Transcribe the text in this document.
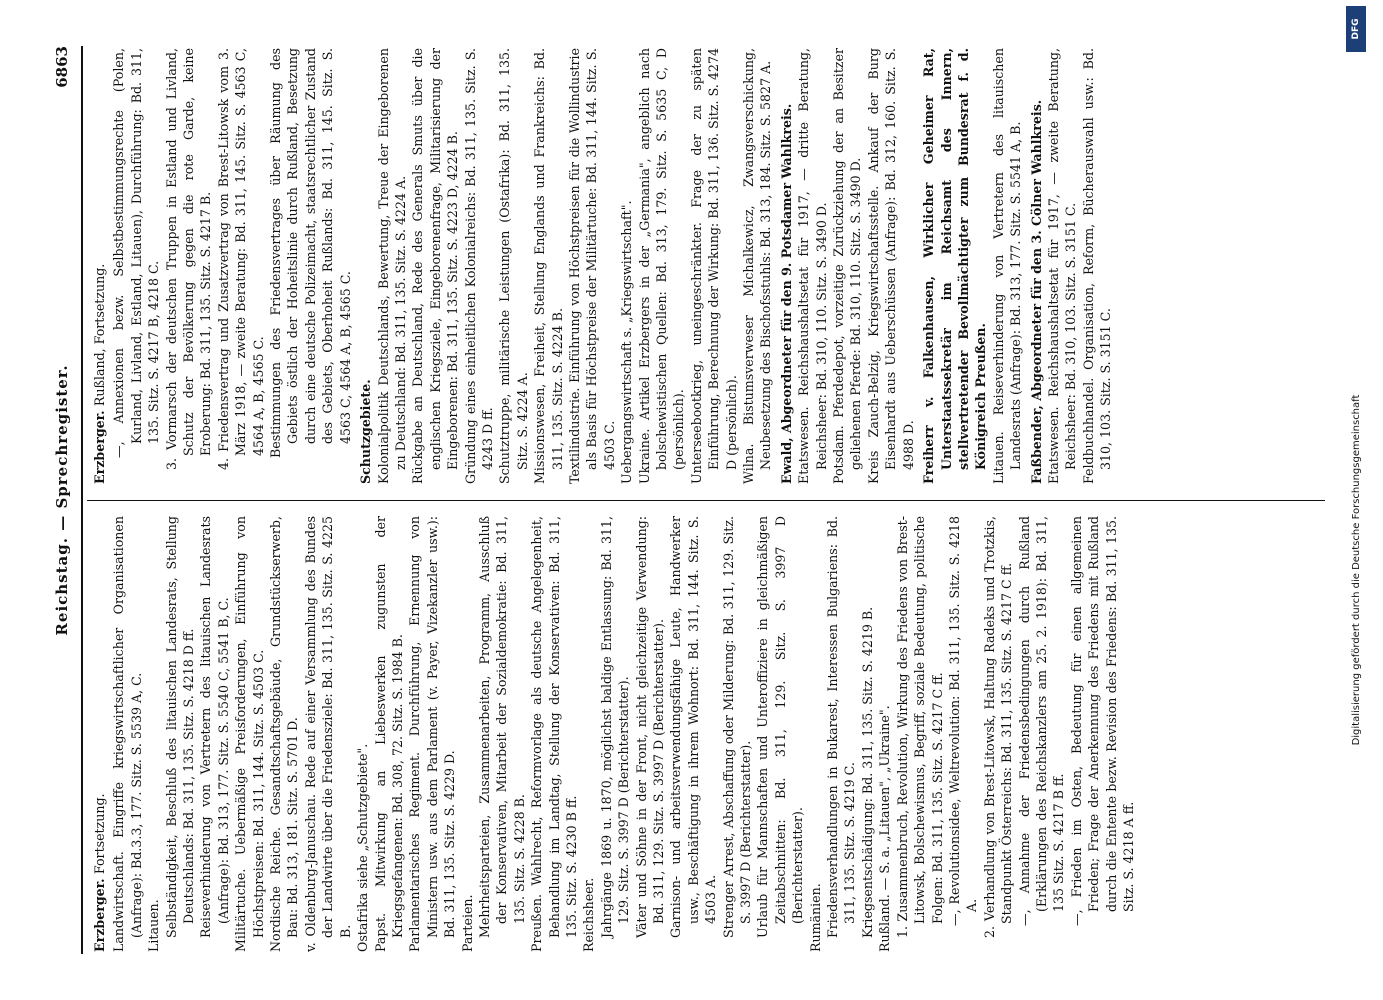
Reichstag. — Sprechregister.
6863
Erzberger. Fortsetzung. Landwirtschaft. Eingriffe kriegswirtschaftlicher Organisationen (Anfrage): Bd.3.3, 177. Sitz. S. 5539 A, C. Litauen. Selbständigkeit, Beschluß des litauischen Landesrats, Stellung Deutschlands: Bd. 311, 135. Sitz. S. 4218 D ff. Reiseverhinderung von Vertretern des litauischen Landesrats (Anfrage): Bd. 313, 177. Sitz. S. 5540 C, 5541 B, C. Militärtuche. Uebermäßige Preisforderungen, Einführung von Höchstpreisen: Bd. 311, 144. Sitz. S. 4503 C. Nordische Reiche. Gesandtschaftsgebäude, Grundstückserwerb, Bau: Bd. 313, 181. Sitz. S. 5701 D. v. Oldenburg-Januschau. Rede auf einer Versammlung des Bundes der Landwirte über die Friedensziele: Bd. 311, 135. Sitz. S. 4225 B. Ostafrika siehe „Schutzgebiete". Papst. Mitwirkung an Liebeswerken zugunsten der Kriegsgefangenen: Bd. 308, 72. Sitz. S. 1984 B. Parlamentarisches Regiment. Durchführung, Ernennung von Ministern usw. aus dem Parlament (v. Payer, Vizekanzler usw.): Bd. 311, 135. Sitz. S. 4229 D. Parteien. Mehrheitsparteien, Zusammenarbeiten, Programm, Ausschluß der Konservativen, Mitarbeit der Sozialdemokratie: Bd. 311, 135. Sitz. S. 4228 B. Preußen. Wahlrecht, Reformvorlage als deutsche Angelegenheit, Behandlung im Landtag, Stellung der Konservativen: Bd. 311, 135. Sitz. S. 4230 B ff. Reichsheer. Jahrgänge 1869 u. 1870, möglichst baldige Entlassung: Bd. 311, 129. Sitz. S. 3997 D (Berichterstatter). Väter und Söhne in der Front, nicht gleichzeitige Verwendung: Bd. 311, 129. Sitz. S. 3997 D (Berichterstatter). Garnison- und arbeitsverwendungsfähige Leute, Handwerker usw., Beschäftigung in ihrem Wohnort: Bd. 311, 144. Sitz. S. 4503 A. Strenger Arrest, Abschaffung oder Milderung: Bd. 311, 129. Sitz. S. 3997 D (Berichterstatter). Urlaub für Mannschaften und Unteroffiziere in gleichmäßigen Zeitabschnitten: Bd. 311, 129. Sitz. S. 3997 D (Berichterstatter). Rumänien. Friedensverhandlungen in Bukarest, Interessen Bulgariens: Bd. 311, 135. Sitz. S. 4219 C. Kriegsentschädigung: Bd. 311, 135. Sitz. S. 4219 B. Rußland. — S. a. „Litauen", „Ukraine". 1. Zusammenbruch, Revolution, Wirkung des Friedens von Brest-Litowsk, Bolschewismus, Begriff, soziale Bedeutung, politische Folgen: Bd. 311, 135. Sitz. S. 4217 C ff. —, Revolutionsidee, Weltrevolution: Bd. 311, 135. Sitz. S. 4218 A. 2. Verhandlung von Brest-Litowsk, Haltung Radeks und Trotzkis, Standpunkt Österreichs: Bd. 311, 135. Sitz. S. 4217 C ff. —, Annahme der Friedensbedingungen durch Rußland (Erklärungen des Reichskanzlers am 25. 2. 1918): Bd. 311, 135 Sitz. S. 4217 B ff. —, Frieden im Osten, Bedeutung für einen allgemeinen Frieden; Frage der Anerkennung des Friedens mit Rußland durch die Entente bezw. Revision des Friedens: Bd. 311, 135. Sitz. S. 4218 A ff.

Erzberger. Rußland, Fortsetzung. —, Annexionen bezw. Selbstbestimmungsrechte (Polen, Kurland, Livland, Estland, Litauen), Durchführung: Bd. 311, 135. Sitz. S. 4217 B, 4218 C. 3. Vormarsch der deutschen Truppen in Estland und Livland, Schutz der Bevölkerung gegen die rote Garde, keine Eroberung: Bd. 311, 135. Sitz. S. 4217 B. 4. Friedensvertrag und Zusatzvertrag von Brest-Litowsk vom 3. März 1918, — zweite Beratung: Bd. 311, 145. Sitz. S. 4563 C, 4564 A, B, 4565 C. Bestimmungen des Friedensvertrages über Räumung des Gebiets östlich der Hoheitslinie durch Rußland, Besetzung durch eine deutsche Polizeimacht, staatsrechtlicher Zustand des Gebiets, Oberhoheit Rußlands: Bd. 311, 145. Sitz. S. 4563 C, 4564 A, B, 4565 C. Schutzgebiete. Kolonialpolitik Deutschlands, Bewertung, Treue der Eingeborenen zu Deutschland: Bd. 311, 135. Sitz. S. 4224 A. Rückgabe an Deutschland, Rede des Generals Smuts über die englischen Kriegsziele, Eingeborenenfrage, Militarisierung der Eingeborenen: Bd. 311, 135. Sitz. S. 4223 D, 4224 B. Gründung eines einheitlichen Kolonialreichs: Bd. 311, 135. Sitz. S. 4243 D ff. Schutztruppe, militärische Leistungen (Ostafrika): Bd. 311, 135. Sitz. S. 4224 A. Missionswesen, Freiheit, Stellung Englands und Frankreichs: Bd. 311, 135. Sitz. S. 4224 B. Textilindustrie. Einführung von Höchstpreisen für die Wollindustrie als Basis für Höchstpreise der Militärtuche: Bd. 311, 144. Sitz. S. 4503 C. Uebergangswirtschaft s. „Kriegswirtschaft". Ukraine. Artikel Erzbergers in der „Germania", angeblich nach bolschewistischen Quellen: Bd. 313, 179. Sitz. S. 5635 C, D (persönlich). Unterseebootkrieg, uneingeschränkter. Frage der zu späten Einführung, Berechnung der Wirkung: Bd. 311, 136. Sitz. S. 4274 D (persönlich). Wilna. Bistumsverweser Michalkewicz, Zwangsverschickung, Neubesetzung des Bischofsstuhls: Bd. 313, 184. Sitz. S. 5827 A. Ewald, Abgeordneter für den 9. Potsdamer Wahlkreis. Etatswesen. Reichshaushaltsetat für 1917, — dritte Beratung, Reichsheer: Bd. 310, 110. Sitz. S. 3490 D. Potsdam. Pferdedepot, vorzeitige Zurückziehung der an Besitzer geliehenen Pferde: Bd. 310, 110. Sitz. S. 3490 D. Kreis Zauch-Belzig, Kriegswirtschaftsstelle. Ankauf der Burg Eisenhardt aus Ueberschüssen (Anfrage): Bd. 312, 160. Sitz. S. 4988 D. Freiherr v. Falkenhausen, Wirklicher Geheimer Rat, Unterstaatssekretär im Reichsamt des Innern, stellvertretender Bevollmächtigter zum Bundesrat f. d. Königreich Preußen. Litauen. Reiseverhinderung von Vertretern des litauischen Landesrats (Anfrage): Bd. 313, 177. Sitz. S. 5541 A, B. Faßbender, Abgeordneter für den 3. Cölner Wahlkreis. Etatswesen. Reichshaushaltsetat für 1917, — zweite Beratung, Reichsheer: Bd. 310, 103. Sitz. S. 3151 C. Feldbuchhandel. Organisation, Reform, Bücherauswahl usw.: Bd. 310, 103. Sitz. S. 3151 C.

Digitalisierung gefördert durch die Deutsche Forschungsgemeinschaft
DFG
